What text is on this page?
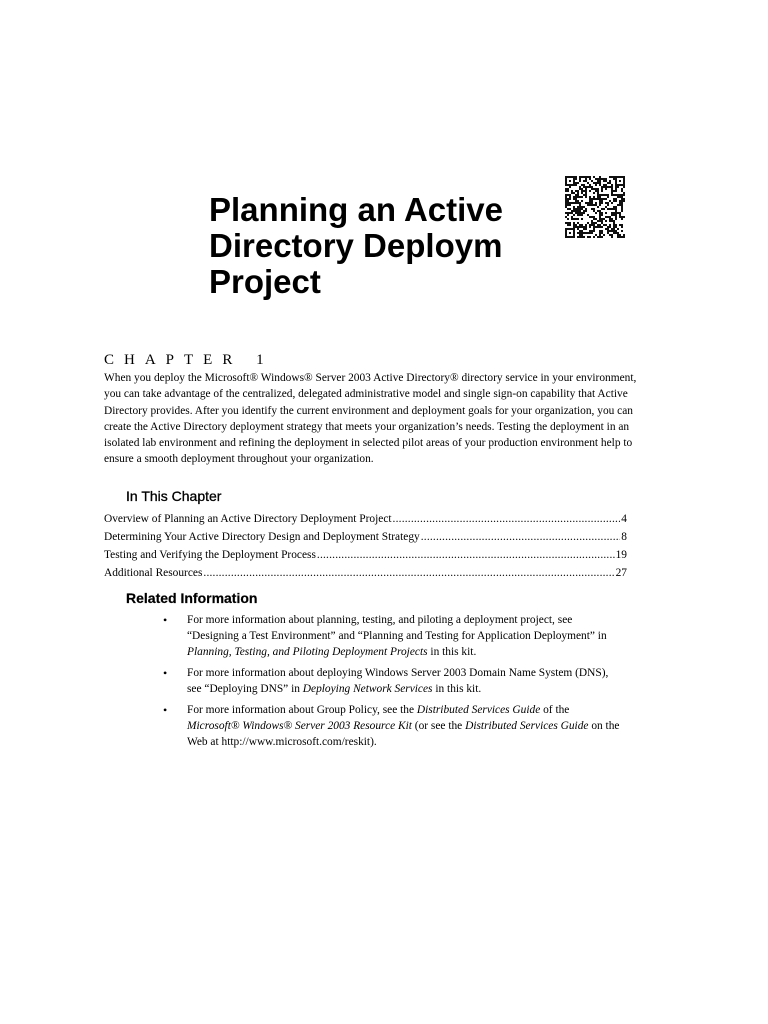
Planning an Active
Directory Deploym
Project
CHAPTER 1

When you deploy the Microsoft® Windows® Server 2003 Active Directory® directory service in your environment, you can take advantage of the centralized, delegated administrative model and single sign-on capability that Active Directory provides. After you identify the current environment and deployment goals for your organization, you can create the Active Directory deployment strategy that meets your organization’s needs. Testing the deployment in an isolated lab environment and refining the deployment in selected pilot areas of your production environment help to ensure a smooth deployment throughout your organization.

In This Chapter
Overview of Planning an Active Directory Deployment Project .....	4
Determining Your Active Directory Design and Deployment Strategy .....	8
Testing and Verifying the Deployment Process .....	19
Additional Resources .....	27
Related Information
• For more information about planning, testing, and piloting a deployment project, see “Designing a Test Environment” and “Planning and Testing for Application Deployment” in Planning, Testing, and Piloting Deployment Projects in this kit.
• For more information about deploying Windows Server 2003 Domain Name System (DNS), see “Deploying DNS” in Deploying Network Services in this kit.
• For more information about Group Policy, see the Distributed Services Guide of the Microsoft® Windows® Server 2003 Resource Kit (or see the Distributed Services Guide on the Web at http://www.microsoft.com/reskit).
